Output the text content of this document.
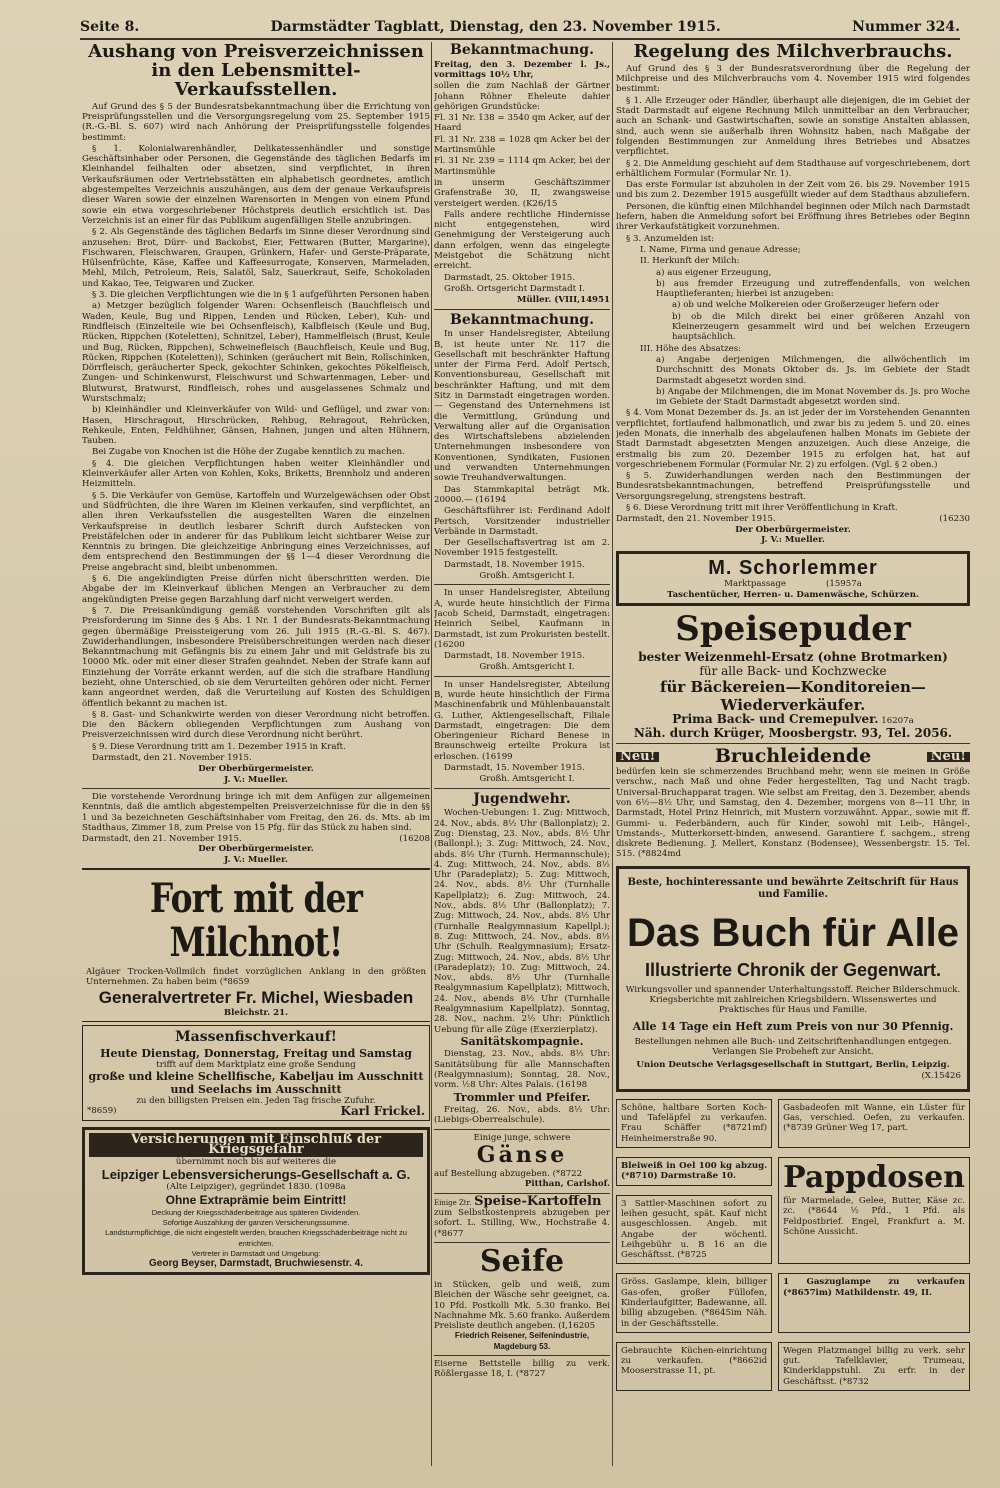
Seite 8.	Darmstädter Tagblatt, Dienstag, den 23. November 1915.	Nummer 324.
Aushang von Preisverzeichnissen in den Lebensmittel-Verkaufsstellen.

Auf Grund des § 5 der Bundesratsbekanntmachung über die Errichtung von Preisprüfungsstellen und die Versorgungsregelung vom 25. September 1915 (R.-G.-Bl. S. 607) wird nach Anhörung der Preisprüfungsstelle folgendes bestimmt:

§ 1. Kolonialwarenhändler, Delikatessenhändler und sonstige Geschäftsinhaber oder Personen, die Gegenstände des täglichen Bedarfs im Kleinhandel feilhalten oder absetzen, sind verpflichtet, in ihren Verkaufsräumen oder Vertriebsstätten ein alphabetisch geordnetes, amtlich abgestempeltes Verzeichnis auszuhängen, aus dem der genaue Verkaufspreis dieser Waren sowie der einzelnen Warensorten in Mengen von einem Pfund sowie ein etwa vorgeschriebener Höchstpreis deutlich ersichtlich ist. Das Verzeichnis ist an einer für das Publikum augenfälligen Stelle anzubringen.

§ 2. Als Gegenstände des täglichen Bedarfs im Sinne dieser Verordnung sind anzusehen: Brot, Dürr- und Backobst, Eier, Fettwaren (Butter, Margarine), Fischwaren, Fleischwaren, Graupen, Grünkern, Hafer- und Gerste-Präparate, Hülsenfrüchte, Käse, Kaffee und Kaffeesurrogate, Konserven, Marmeladen, Mehl, Milch, Petroleum, Reis, Salatöl, Salz, Sauerkraut, Seife, Schokoladen und Kakao, Tee, Teigwaren und Zucker.

§ 3. Die gleichen Verpflichtungen wie die in § 1 aufgeführten Personen haben

a) Metzger bezüglich folgender Waren: Ochsenfleisch (Bauchfleisch und Waden, Keule, Bug und Rippen, Lenden und Rücken, Leber), Kuh- und Rindfleisch (Einzelteile wie bei Ochsenfleisch), Kalbfleisch (Keule und Bug, Rücken, Rippchen (Koteletten), Schnitzel, Leber), Hammelfleisch (Brust, Keule und Bug, Rücken, Rippchen), Schweinefleisch (Bauchfleisch, Keule und Bug, Rücken, Rippchen (Koteletten)), Schinken (geräuchert mit Bein, Rollschinken, Dörrfleisch, geräucherter Speck, gekochter Schinken, gekochtes Pökelfleisch, Zungen- und Schinkenwurst, Fleischwurst und Schwartenmagen, Leber- und Blutwurst, Bratwurst, Rindfleisch, rohes und ausgelassenes Schmalz und Wurstschmalz;

b) Kleinhändler und Kleinverkäufer von Wild- und Geflügel, und zwar von: Hasen, Hirschragout, Hirschrücken, Rehbug, Rehragout, Rehrücken, Rehkeule, Enten, Feldhühner, Gänsen, Hahnen, jungen und alten Hühnern, Tauben.

Bei Zugabe von Knochen ist die Höhe der Zugabe kenntlich zu machen.

§ 4. Die gleichen Verpflichtungen haben weiter Kleinhändler und Kleinverkäufer aller Arten von Kohlen, Koks, Briketts, Brennholz und anderen Heizmitteln.

§ 5. Die Verkäufer von Gemüse, Kartoffeln und Wurzelgewächsen oder Obst und Südfrüchten, die ihre Waren im Kleinen verkaufen, sind verpflichtet, an allen ihren Verkaufsstellen die ausgestellten Waren die einzelnen Verkaufspreise in deutlich lesbarer Schrift durch Aufstecken von Preistäfelchen oder in anderer für das Publikum leicht sichtbarer Weise zur Kenntnis zu bringen. Die gleichzeitige Anbringung eines Verzeichnisses, auf dem entsprechend den Bestimmungen der §§ 1—4 dieser Verordnung die Preise angebracht sind, bleibt unbenommen.

§ 6. Die angekündigten Preise dürfen nicht überschritten werden. Die Abgabe der im Kleinverkauf üblichen Mengen an Verbraucher zu dem angekündigten Preise gegen Barzahlung darf nicht verweigert werden.

§ 7. Die Preisankündigung gemäß vorstehenden Vorschriften gilt als Preisforderung im Sinne des § Abs. 1 Nr. 1 der Bundesrats-Bekanntmachung gegen übermäßige Preissteigerung vom 26. Juli 1915 (R.-G.-Bl. S. 467). Zuwiderhandlungen, insbesondere Preisüberschreitungen werden nach dieser Bekanntmachung mit Gefängnis bis zu einem Jahr und mit Geldstrafe bis zu 10000 Mk. oder mit einer dieser Strafen geahndet. Neben der Strafe kann auf Einziehung der Vorräte erkannt werden, auf die sich die strafbare Handlung bezieht, ohne Unterschied, ob sie dem Verurteilten gehören oder nicht. Ferner kann angeordnet werden, daß die Verurteilung auf Kosten des Schuldigen öffentlich bekannt zu machen ist.

§ 8. Gast- und Schankwirte werden von dieser Verordnung nicht betroffen. Die den Bäckern obliegenden Verpflichtungen zum Aushang von Preisverzeichnissen wird durch diese Verordnung nicht berührt.

§ 9. Diese Verordnung tritt am 1. Dezember 1915 in Kraft.

Darmstadt, den 21. November 1915.

Der Oberbürgermeister.
J. V.: Mueller.

Die vorstehende Verordnung bringe ich mit dem Anfügen zur allgemeinen Kenntnis, daß die amtlich abgestempelten Preisverzeichnisse für die in den §§ 1 und 3a bezeichneten Geschäftsinhaber vom Freitag, den 26. ds. Mts. ab im Stadthaus, Zimmer 18, zum Preise von 15 Pfg. für das Stück zu haben sind.

Darmstadt, den 21. November 1915.	(16208
Der Oberbürgermeister.
J. V.: Mueller.
Fort mit der Milchnot!
Algäuer Trocken-Vollmilch findet vorzüglichen Anklang in den größten Unternehmen. Zu haben beim (*8659
Generalvertreter Fr. Michel, Wiesbaden
Bleichstr. 21.
Massenfischverkauf!
Heute Dienstag, Donnerstag, Freitag und Samstag
trifft auf dem Marktplatz eine große Sendung
große und kleine Schellfische, Kabeljau im Ausschnitt und Seelachs im Ausschnitt
zu den billigsten Preisen ein. Jeden Tag frische Zufuhr.
*8659)	Karl Frickel.
Versicherungen mit Einschluß der Kriegsgefahr
übernimmt noch bis auf weiteres die
Leipziger Lebensversicherungs-Gesellschaft a. G.
(Alte Leipziger), gegründet 1830. (1098a
Ohne Extraprämie beim Eintritt!
Deckung der Kriegsschädenbeiträge aus späteren Dividenden.
Sofortige Auszahlung der ganzen Versicherungssumme.
Landsturmpflichtige, die nicht eingestellt werden, brauchen Kriegsschädenbeiträge nicht zu entrichten.
Vertreter in Darmstadt und Umgebung:
Georg Beyser, Darmstadt, Bruchwiesenstr. 4.
Bekanntmachung.

Freitag, den 3. Dezember l. Js., vormittags 10½ Uhr,

sollen die zum Nachlaß der Gärtner Johann Röhner Eheleute dahier gehörigen Grundstücke:

Fl. 31 Nr. 138 = 3540 qm Acker, auf der Haard

Fl. 31 Nr. 238 = 1028 qm Acker bei der Martinsmühle

Fl. 31 Nr. 239 = 1114 qm Acker, bei der Martinsmühle

in unserm Geschäftszimmer Grafenstraße 30, II, zwangsweise versteigert werden. (K26/15

Falls andere rechtliche Hindernisse nicht entgegenstehen, wird Genehmigung der Versteigerung auch dann erfolgen, wenn das eingelegte Meistgebot die Schätzung nicht erreicht.

Darmstadt, 25. Oktober 1915.

Großh. Ortsgericht Darmstadt I.

Müller. (VIII,14951

Bekanntmachung.

In unser Handelsregister, Abteilung B, ist heute unter Nr. 117 die Gesellschaft mit beschränkter Haftung unter der Firma Ferd. Adolf Pertsch, Konventionsbureau, Gesellschaft mit beschränkter Haftung, und mit dem Sitz in Darmstadt eingetragen worden. — Gegenstand des Unternehmens ist die Vermittlung, Gründung und Verwaltung aller auf die Organisation des Wirtschaftslebens abzielenden Unternehmungen insbesondere von Konventionen, Syndikaten, Fusionen und verwandten Unternehmungen sowie Treuhandverwaltungen.

Das Stammkapital beträgt Mk. 20000.— (16194

Geschäftsführer ist: Ferdinand Adolf Pertsch, Vorsitzender industrieller Verbände in Darmstadt.

Der Gesellschaftsvertrag ist am 2. November 1915 festgestellt.

Darmstadt, 18. November 1915.

Großh. Amtsgericht I.

In unser Handelsregister, Abteilung A, wurde heute hinsichtlich der Firma Jacob Scheid, Darmstadt, eingetragen: Heinrich Seibel, Kaufmann in Darmstadt, ist zum Prokuristen bestellt. (16200

Darmstadt, 18. November 1915.

Großh. Amtsgericht I.

In unser Handelsregister, Abteilung B, wurde heute hinsichtlich der Firma Maschinenfabrik und Mühlenbauanstalt G. Luther, Aktiengesellschaft, Filiale Darmstadt, eingetragen: Die dem Oberingenieur Richard Benese in Braunschweig erteilte Prokura ist erloschen. (16199

Darmstadt, 15. November 1915.

Großh. Amtsgericht I.

Jugendwehr.

Wochen-Uebungen: 1. Zug: Mittwoch, 24. Nov., abds. 8½ Uhr (Ballonplatz); 2. Zug: Dienstag, 23. Nov., abds. 8½ Uhr (Ballonpl.); 3. Zug: Mittwoch, 24. Nov., abds. 8½ Uhr (Turnh. Hermannschule); 4. Zug: Mittwoch, 24. Nov., abds. 8½ Uhr (Paradeplatz); 5. Zug: Mittwoch, 24. Nov., abds. 8½ Uhr (Turnhalle Kapellplatz); 6. Zug: Mittwoch, 24. Nov., abds. 8½ Uhr (Ballonplatz); 7. Zug: Mittwoch, 24. Nov., abds. 8½ Uhr (Turnhalle Realgymnasium Kapellpl.); 8. Zug: Mittwoch, 24. Nov., abds. 8½ Uhr (Schulh. Realgymnasium); Ersatz-Zug: Mittwoch, 24. Nov., abds. 8½ Uhr (Paradeplatz); 10. Zug: Mittwoch, 24. Nov., abds. 8½ Uhr (Turnhalle Realgymnasium Kapellplatz); Mittwoch, 24. Nov., abends 8½ Uhr (Turnhalle Realgymnasium Kapellplatz). Sonntag, 28. Nov., nachm. 2½ Uhr: Pünktlich Uebung für alle Züge (Exerzierplatz).

Sanitätskompagnie.

Dienstag, 23. Nov., abds. 8½ Uhr: Sanitätsübung für alle Mannschaften (Realgymnasium); Sonntag, 28. Nov., vorm. ½8 Uhr: Altes Palais. (16198

Trommler und Pfeifer.

Freitag, 26. Nov., abds. 8½ Uhr: (Liebigs-Oberrealschule).

Einige junge, schwere
Gänse
auf Bestellung abzugeben. (*8722
Pitthan, Carlshof.
Einige Ztr. Speise-Kartoffeln
zum Selbstkostenpreis abzugeben per sofort. L. Stilling, Ww., Hochstraße 4. (*8677
Seife
in Stücken, gelb und weiß, zum Bleichen der Wäsche sehr geeignet, ca. 10 Pfd. Postkolli Mk. 5.30 franko. Bei Nachnahme Mk. 5.60 franko. Außerdem Preisliste deutlich angeben. (I,16205
Friedrich Reisener, Seifenindustrie, Magdeburg 53.
Eiserne Bettstelle billig zu verk. Rößlergasse 18, I. (*8727
Regelung des Milchverbrauchs.

Auf Grund des § 3 der Bundesratsverordnung über die Regelung der Milchpreise und des Milchverbrauchs vom 4. November 1915 wird folgendes bestimmt:

§ 1. Alle Erzeuger oder Händler, überhaupt alle diejenigen, die im Gebiet der Stadt Darmstadt auf eigene Rechnung Milch unmittelbar an den Verbraucher, auch an Schank- und Gastwirtschaften, sowie an sonstige Anstalten ablassen, sind, auch wenn sie außerhalb ihren Wohnsitz haben, nach Maßgabe der folgenden Bestimmungen zur Anmeldung ihres Betriebes und Absatzes verpflichtet.

§ 2. Die Anmeldung geschieht auf dem Stadthause auf vorgeschriebenem, dort erhältlichem Formular (Formular Nr. 1).

Das erste Formular ist abzuholen in der Zeit vom 26. bis 29. November 1915 und bis zum 2. Dezember 1915 ausgefüllt wieder auf dem Stadthaus abzuliefern.

Personen, die künftig einen Milchhandel beginnen oder Milch nach Darmstadt liefern, haben die Anmeldung sofort bei Eröffnung ihres Betriebes oder Beginn ihrer Verkaufstätigkeit vorzunehmen.

§ 3. Anzumelden ist:

I. Name, Firma und genaue Adresse;

II. Herkunft der Milch:

a) aus eigener Erzeugung,

b) aus fremder Erzeugung und zutreffendenfalls, von welchen Hauptlieferanten; hierbei ist anzugeben:

a) ob und welche Molkereien oder Großerzeuger liefern oder

b) ob die Milch direkt bei einer größeren Anzahl von Kleinerzeugern gesammelt wird und bei welchen Erzeugern hauptsächlich.

III. Höhe des Absatzes:

a) Angabe derjenigen Milchmengen, die allwöchentlich im Durchschnitt des Monats Oktober ds. Js. im Gebiete der Stadt Darmstadt abgesetzt worden sind.

b) Angabe der Milchmengen, die im Monat November ds. Js. pro Woche im Gebiete der Stadt Darmstadt abgesetzt worden sind.

§ 4. Vom Monat Dezember ds. Js. an ist jeder der im Vorstehenden Genannten verpflichtet, fortlaufend halbmonatlich, und zwar bis zu jedem 5. und 20. eines jeden Monats, die innerhalb des abgelaufenen halben Monats im Gebiete der Stadt Darmstadt abgesetzten Mengen anzuzeigen. Auch diese Anzeige, die erstmalig bis zum 20. Dezember 1915 zu erfolgen hat, hat auf vorgeschriebenem Formular (Formular Nr. 2) zu erfolgen. (Vgl. § 2 oben.)

§ 5. Zuwiderhandlungen werden nach den Bestimmungen der Bundesratsbekanntmachungen, betreffend Preisprüfungsstelle und Versorgungsregelung, strengstens bestraft.

§ 6. Diese Verordnung tritt mit ihrer Veröffentlichung in Kraft.

Darmstadt, den 21. November 1915.	(16230
Der Oberbürgermeister.
J. V.: Mueller.
M. Schorlemmer
Marktpassage	(15957a
Taschentücher, Herren- u. Damenwäsche, Schürzen.
Speisepuder
bester Weizenmehl-Ersatz (ohne Brotmarken)
für alle Back- und Kochzwecke
für Bäckereien—Konditoreien—Wiederverkäufer.
Prima Back- und Cremepulver. 16207a
Näh. durch Krüger, Moosbergstr. 93, Tel. 2056.
Neu!	Bruchleidende	Neu!
bedürfen kein sie schmerzendes Bruchband mehr, wenn sie meinen in Größe verschw., nach Maß und ohne Feder hergestellten, Tag und Nacht tragb. Universal-Bruchapparat tragen. Wie selbst am Freitag, den 3. Dezember, abends von 6½—8½ Uhr, und Samstag, den 4. Dezember, morgens von 8—11 Uhr, in Darmstadt, Hotel Prinz Heinrich, mit Mustern vorzuwähnt. Appar., sowie mit ff. Gummi- u. Federbändern, auch für Kinder, sowohl mit Leib-, Hängel-, Umstands-, Mutterkorsett-binden, anwesend. Garantiere f. sachgem., streng diskrete Bedienung. J. Mellert, Konstanz (Bodensee), Wessenbergstr. 15. Tel. 515. (*8824md
Beste, hochinteressante und bewährte Zeitschrift für Haus und Familie.
Das Buch für Alle
Illustrierte Chronik der Gegenwart.
Wirkungsvoller und spannender Unterhaltungsstoff. Reicher Bilderschmuck. Kriegsberichte mit zahlreichen Kriegsbildern. Wissenswertes und Praktisches für Haus und Familie.
Alle 14 Tage ein Heft zum Preis von nur 30 Pfennig.
Bestellungen nehmen alle Buch- und Zeitschriftenhandlungen entgegen. Verlangen Sie Probeheft zur Ansicht.
Union Deutsche Verlagsgesellschaft in Stuttgart, Berlin, Leipzig.
(X.15426
Schöne, haltbare Sorten Koch- und Tafeläpfel zu verkaufen. Frau Schäffer (*8721mf) Heinheimerstraße 90.
Gasbadeofen mit Wanne, ein Lüster für Gas, verschied. Oefen, zu verkaufen. (*8739 Grüner Weg 17, part.
Bleiweiß in Oel 100 kg abzug. (*8710) Darmstraße 10.	Pappdosen
für Marmelade, Gelee, Butter, Käse zc. zc. (*8644 ½ Pfd., 1 Pfd. als Feldpostbrief. Engel, Frankfurt a. M. Schöne Aussicht.
3 Sattler-Maschinen sofort zu leihen gesucht, spät. Kauf nicht ausgeschlossen. Angeb. mit Angabe der wöchentl. Leihgebühr u. B 16 an die Geschäftsst. (*8725
Gröss. Gaslampe, klein, billiger Gas-ofen, großer Füllofen, Kinderlaufgitter, Badewanne, all. billig abzugeben. (*8645im Näh. in der Geschäftsstelle.
1 Gaszuglampe zu verkaufen (*8657im) Mathildenstr. 49, II.
Gebrauchte Küchen-einrichtung zu verkaufen. (*8662id Mooserstrasse 11, pt.
Wegen Platzmangel billig zu verk. sehr gut. Tafelklavier, Trumeau, Kinderklappstuhl. Zu erfr. in der Geschäftsst. (*8732
